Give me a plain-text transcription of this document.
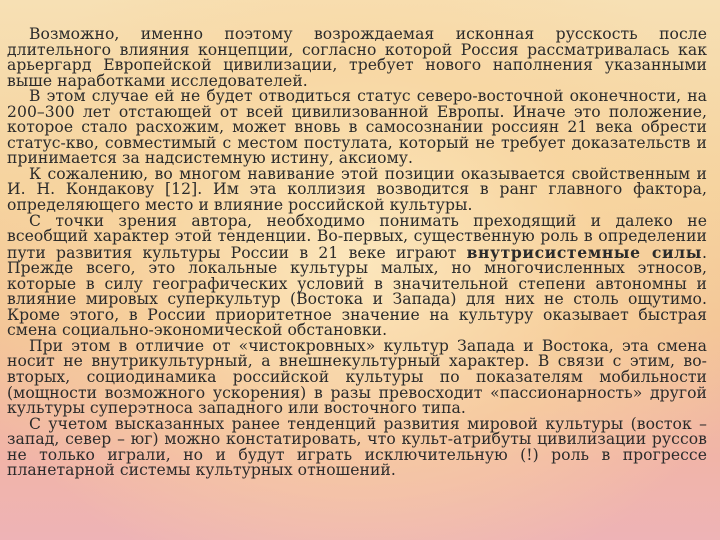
Возможно, именно поэтому возрождаемая исконная русскость после длительного влияния концепции, согласно которой Россия рассматривалась как арьергард Европейской цивилизации, требует нового наполнения указанными выше наработками исследователей.

В этом случае ей не будет отводиться статус северо-восточной оконечности, на 200–300 лет отстающей от всей цивилизованной Европы. Иначе это положение, которое стало расхожим, может вновь в самосознании россиян 21 века обрести статус-кво, совместимый с местом постулата, который не требует доказательств и принимается за надсистемную истину, аксиому.

К сожалению, во многом навивание этой позиции оказывается свойственным и И. Н. Кондакову [12]. Им эта коллизия возводится в ранг главного фактора, определяющего место и влияние российской культуры.

С точки зрения автора, необходимо понимать преходящий и далеко не всеобщий характер этой тенденции. Во-первых, существенную роль в определении пути развития культуры России в 21 веке играют внутрисистемные силы. Прежде всего, это локальные культуры малых, но многочисленных этносов, которые в силу географических условий в значительной степени автономны и влияние мировых суперкультур (Востока и Запада) для них не столь ощутимо. Кроме этого, в России приоритетное значение на культуру оказывает быстрая смена социально-экономической обстановки.

При этом в отличие от «чистокровных» культур Запада и Востока, эта смена носит не внутрикультурный, а внешнекультурный характер. В связи с этим, во-вторых, социодинамика российской культуры по показателям мобильности (мощности возможного ускорения) в разы превосходит «пассионарность» другой культуры суперэтноса западного или восточного типа.

С учетом высказанных ранее тенденций развития мировой культуры (восток – запад, север – юг) можно констатировать, что культ-атрибуты цивилизации руссов не только играли, но и будут играть исключительную (!) роль в прогрессе планетарной системы культурных отношений.
